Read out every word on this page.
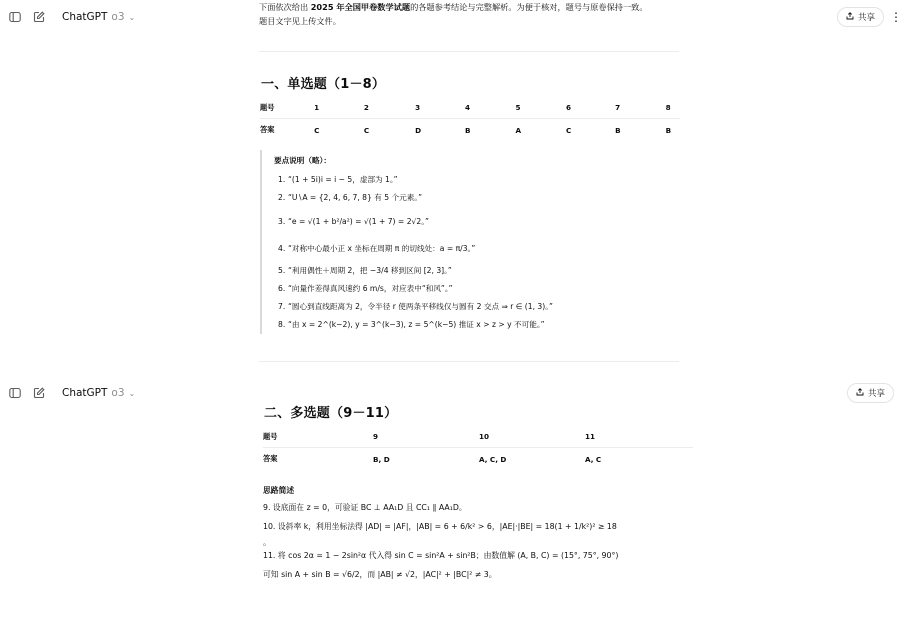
ChatGPT o3 ⌄	共享 ⋮
下面依次给出 2025 年全国甲卷数学试题的各题参考结论与完整解析。为便于核对，题号与原卷保持一致。
题目文字见上传文件。
一、单选题（1－8）
题号	1	2	3	4	5	6	7	8
答案	C	C	D	B	A	C	B	B
要点说明（略）：
1. “(1 + 5i)i = i − 5，虚部为 1。”
2. “U∖A = {2, 4, 6, 7, 8} 有 5 个元素。”
3. “e = √(1 + b²/a²) = √(1 + 7) = 2√2。”
4. “对称中心最小正 x 坐标在周期 π 的切线处：a = π/3。”
5. “利用偶性＋周期 2，把 −3/4 移到区间 [2, 3]。”
6. “向量作差得真风速约 6 m/s，对应表中“和风”。”
7. “圆心到直线距离为 2，令半径 r 使两条平移线仅与圆有 2 交点 ⇒ r ∈ (1, 3)。”
8. “由 x = 2^(k−2), y = 3^(k−3), z = 5^(k−5) 推证 x > z > y 不可能。”
ChatGPT o3 ⌄	共享
二、多选题（9－11）
题号	9	10	11
答案	B, D	A, C, D	A, C
思路简述
9. 设底面在 z = 0，可验证 BC ⊥ AA₁D 且 CC₁ ∥ AA₁D。
10. 设斜率 k，利用坐标法得 |AD| = |AF|，|AB| = 6 + 6/k² > 6，|AE|·|BE| = 18(1 + 1/k²)² ≥ 18
。
11. 将 cos 2α = 1 − 2sin²α 代入得 sin C = sin²A + sin²B；由数值解 (A, B, C) = (15°, 75°, 90°)
可知 sin A + sin B = √6/2，而 |AB| ≠ √2，|AC|² + |BC|² ≠ 3。
